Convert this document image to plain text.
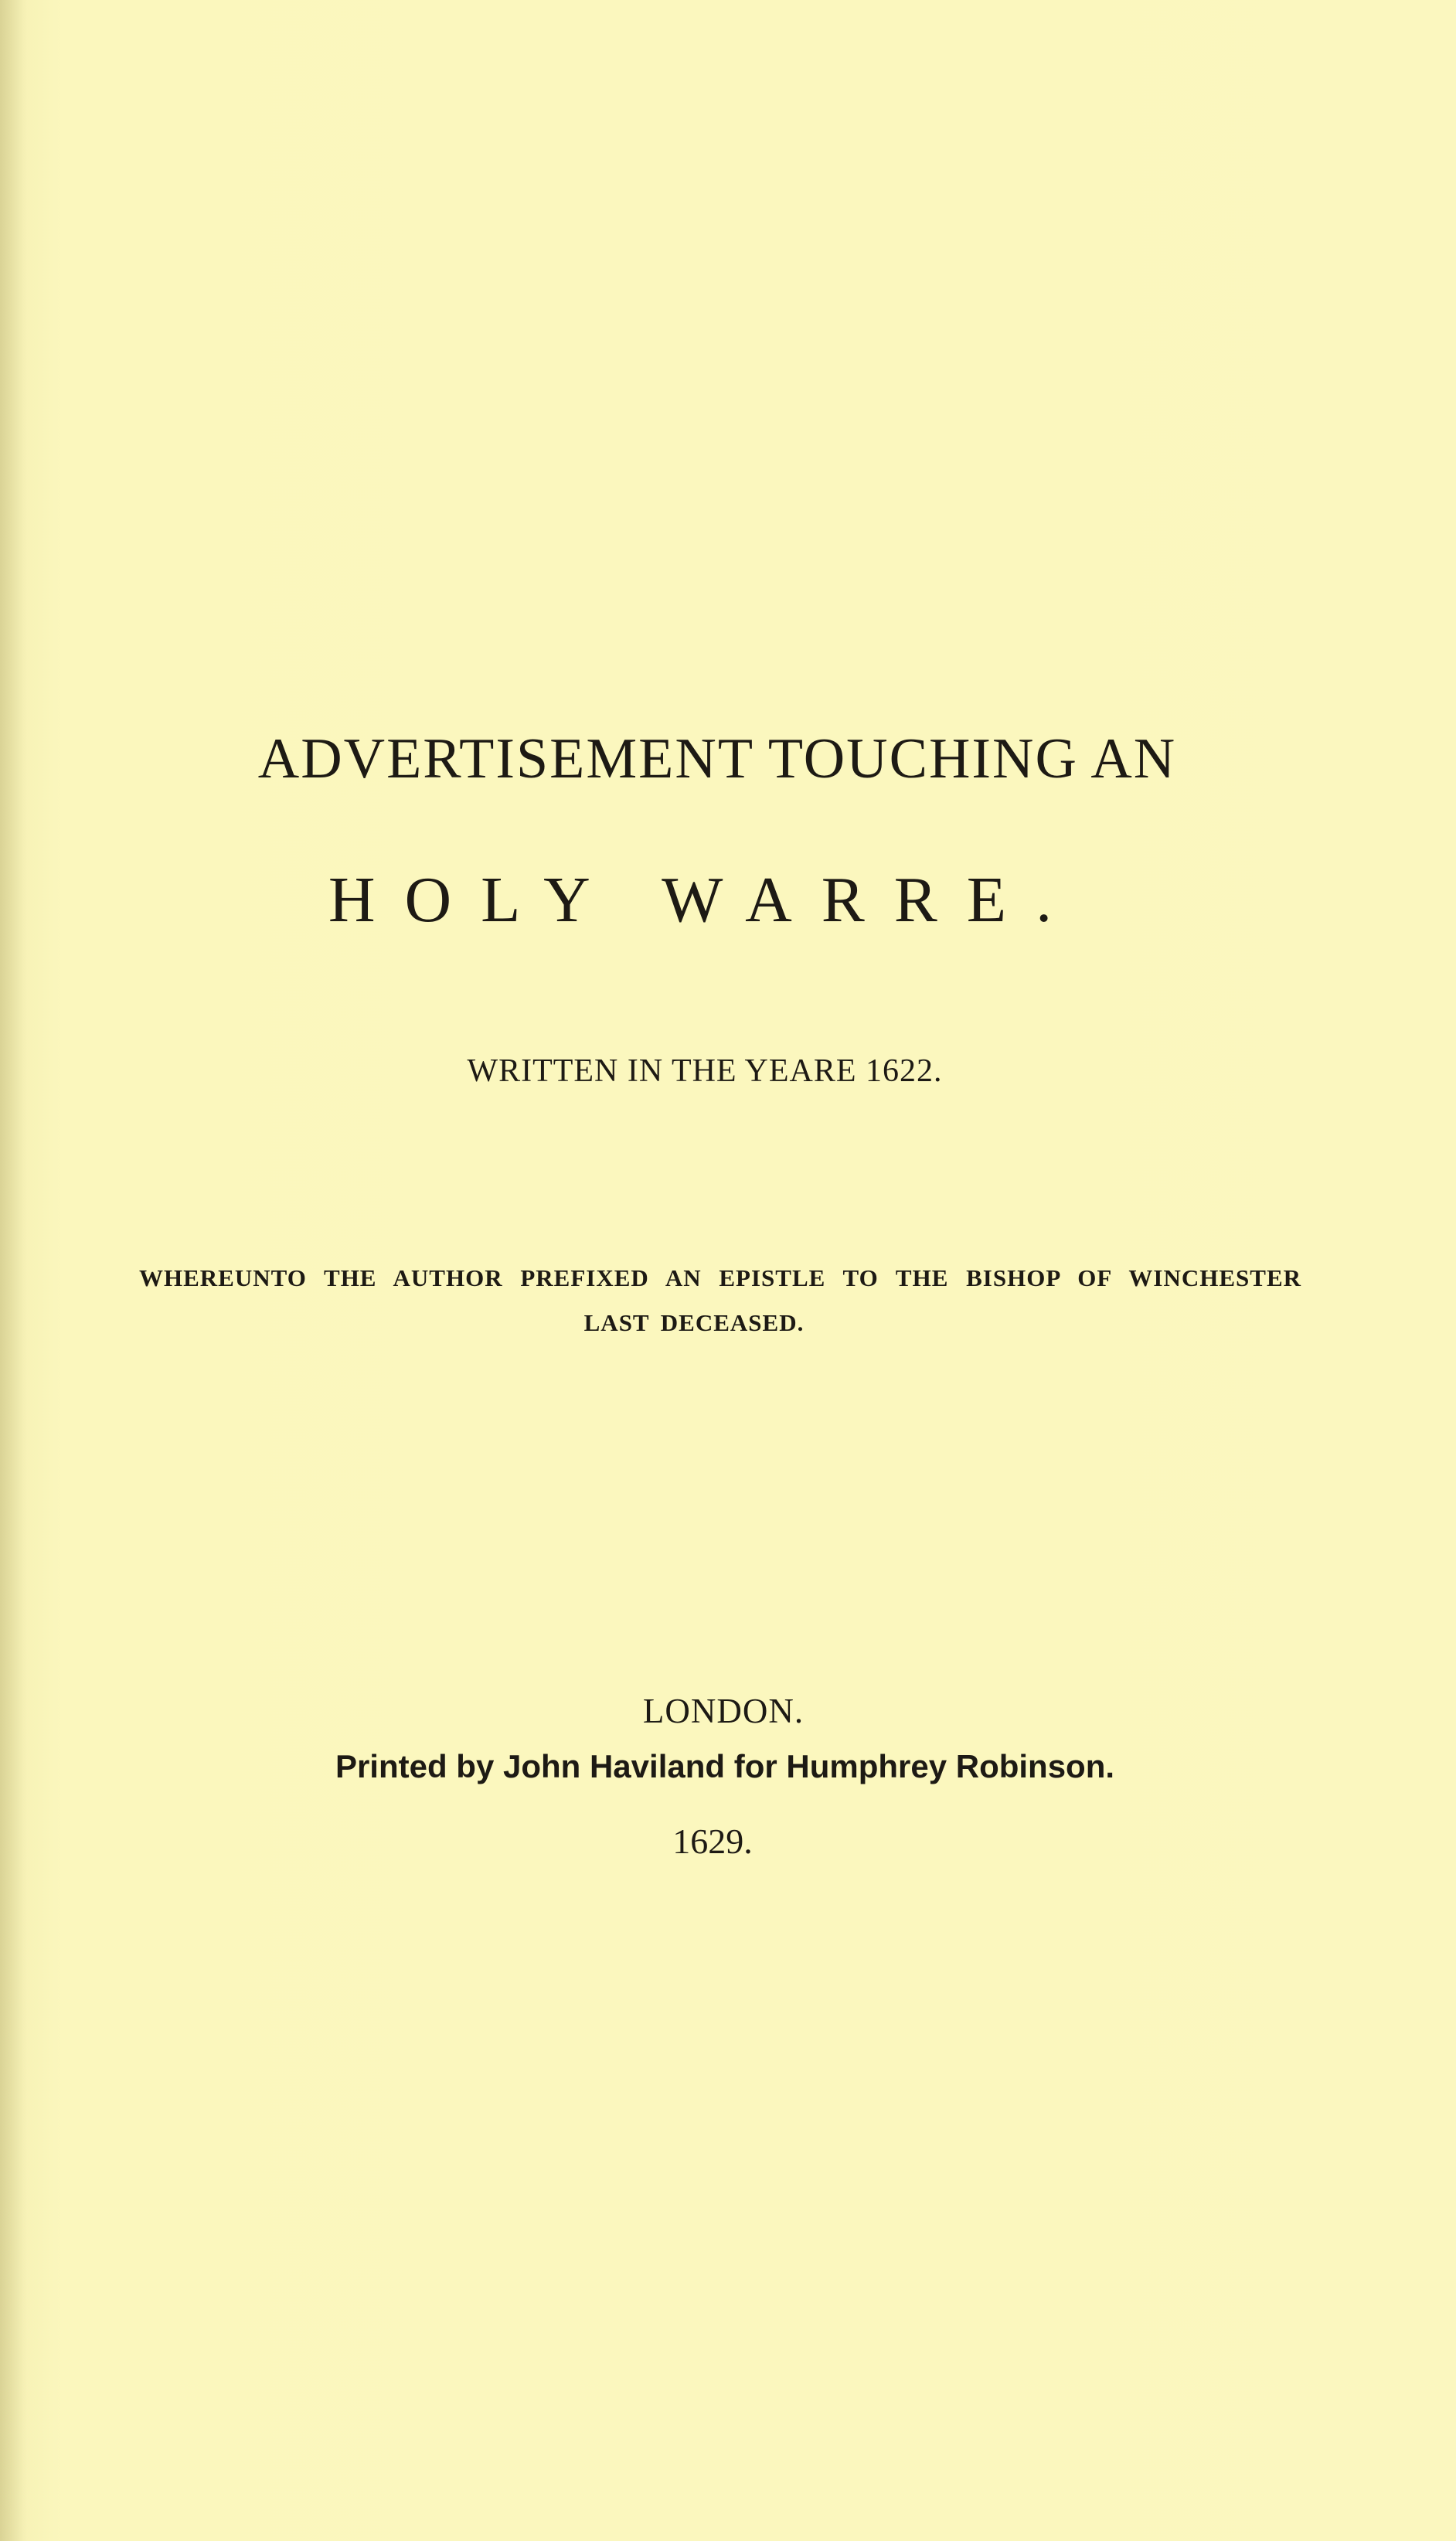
ADVERTISEMENT TOUCHING AN
HOLY WARRE.
WRITTEN IN THE YEARE 1622.
WHEREUNTO THE AUTHOR PREFIXED AN EPISTLE TO THE BISHOP OF WINCHESTER
LAST DECEASED.
LONDON.
Printed by John Haviland for Humphrey Robinson.
1629.
